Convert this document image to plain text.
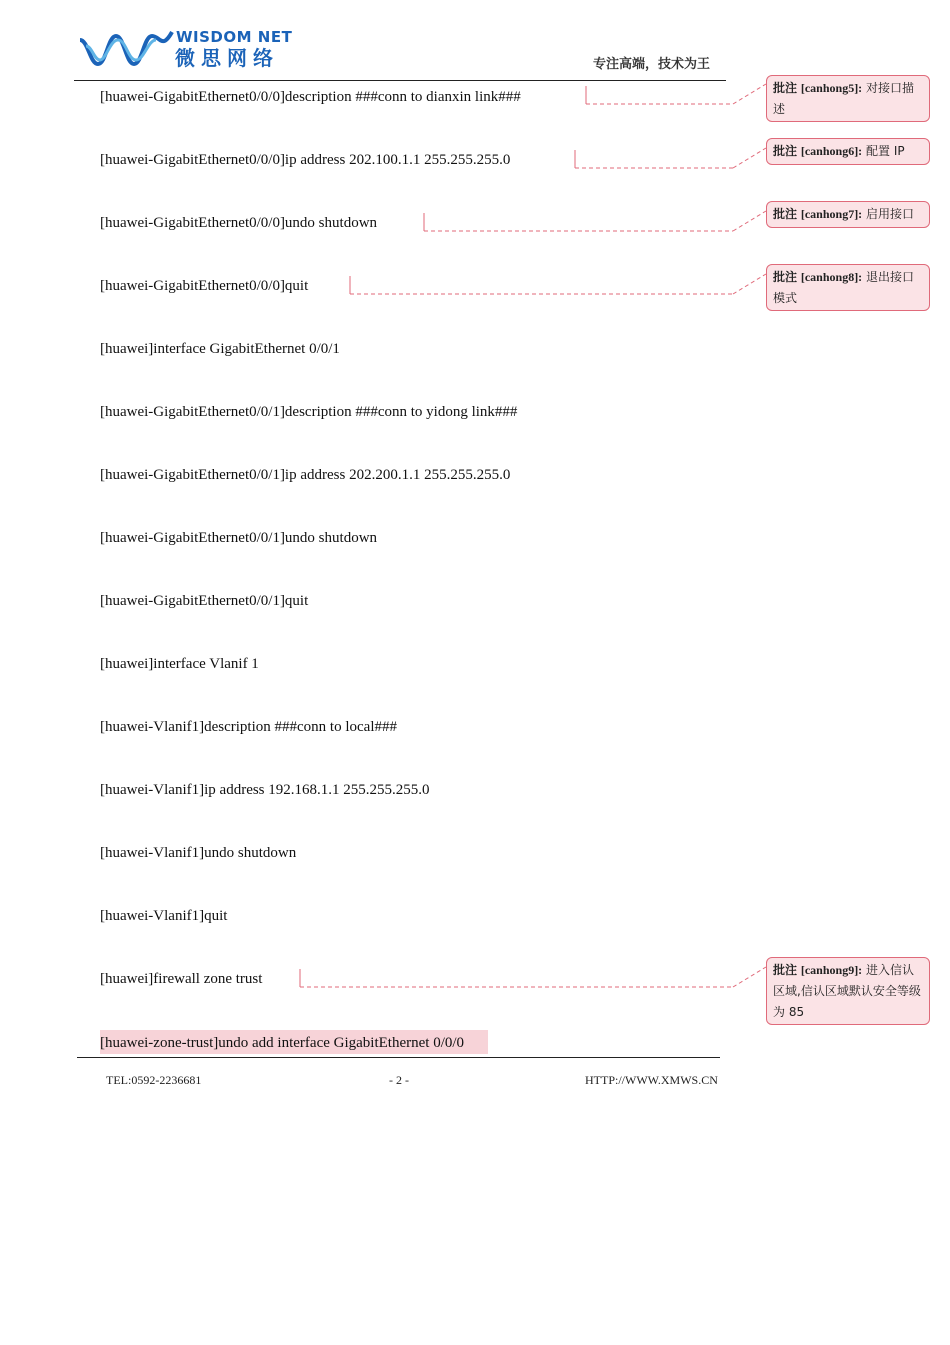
WISDOM NET
微思网络	专注高端，技术为王
[huawei-GigabitEthernet0/0/0]description ###conn to dianxin link###
[huawei-GigabitEthernet0/0/0]ip address 202.100.1.1 255.255.255.0
[huawei-GigabitEthernet0/0/0]undo shutdown
[huawei-GigabitEthernet0/0/0]quit
[huawei]interface GigabitEthernet 0/0/1
[huawei-GigabitEthernet0/0/1]description ###conn to yidong link###
[huawei-GigabitEthernet0/0/1]ip address 202.200.1.1 255.255.255.0
[huawei-GigabitEthernet0/0/1]undo shutdown
[huawei-GigabitEthernet0/0/1]quit
[huawei]interface Vlanif 1
[huawei-Vlanif1]description ###conn to local###
[huawei-Vlanif1]ip address 192.168.1.1 255.255.255.0
[huawei-Vlanif1]undo shutdown
[huawei-Vlanif1]quit
[huawei]firewall zone trust
[huawei-zone-trust]undo add interface GigabitEthernet 0/0/0
批注 [canhong5]: 对接口描述
批注 [canhong6]: 配置 IP
批注 [canhong7]: 启用接口
批注 [canhong8]: 退出接口模式
批注 [canhong9]: 进入信认区域,信认区域默认安全等级为 85
TEL:0592-2236681	- 2 -	HTTP://WWW.XMWS.CN
